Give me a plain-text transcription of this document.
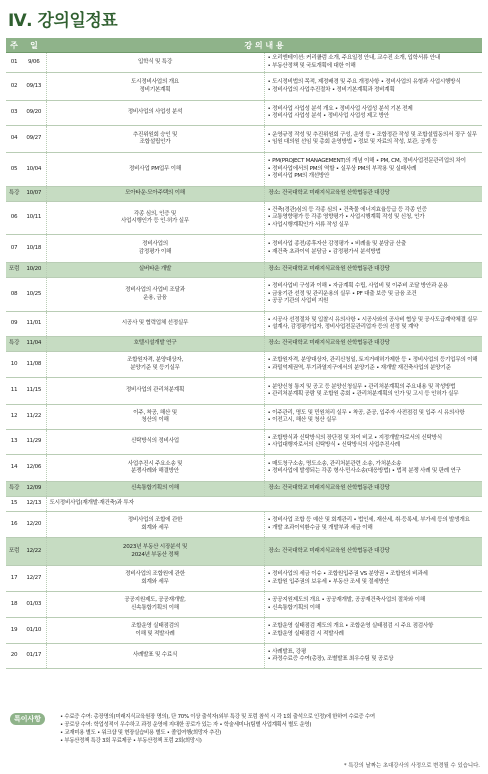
Ⅳ. 강의일정표
주	일	강 의 내 용	
01	9/06	입학식 및 특강	• 오리엔테이션: 커리큘럼 소개, 주요일정 안내, 교수진 소개, 입학서류 안내
• 부동산정책 및 국토개획에 대한 이해
02	09/13	도시정비사업의 개요
정비기본계획	• 도시정비법의 목적, 제정배경 및 주요 개정사항 • 정비사업의 유형과 사업시행방식
• 정비사업의 사업추진절차 • 정비기본계획과 정비계획
03	09/20	정비사업의 사업성 분석	• 정비사업 사업성 분석 개요 • 정비사업 사업성 분석 기본 전제
• 정비사업 사업성 분석 • 정비사업 사업성 제고 방안
04	09/27	추진위원회 승인 및
조합설립인가	• 운영규정 작성 및 추진위원회 구성, 운영 등 • 조합정관 작성 및 조합설립동의서 징구 실무
• 임원 대의원 선임 및 총회 운영방법 • 정보 및 자료의 작성, 보관, 공개 등
05	10/04	정비사업 PM업무 이해	• PM(PROJECT MANAGEMENT)의 개념 이해 • PM, CM, 정비사업전문관리업의 차이
• 정비사업에서의 PM의 역할 • 실무상 PM의 부작용 및 실패사례
• 정비사업 PM의 개선방안
특강	10/07	모아타운·모아주택의 이해	장소: 건국대학교 미래지식교육원 산학협동관 대강당
06	10/11	각종 심의, 인증 및
사업시행인가 등 인·허가 실무	• 건축(경관)심의 등 각종 심의 • 건축물 에너지효율등급 등 각종 인증
• 교통영향평가 등 각종 영향평가 • 사업시행계획 작성 및 신청, 인가
• 사업시행계획인가 서류 작성 실무
07	10/18	정비사업의
감정평가 이해	• 정비사업 종전/종후자산 감정평가 • 비례율 및 분담금 산출
• 재건축 초과이익 분담금 • 감정평가서 분석방법
포럼	10/20	실버타운 개발	장소: 건국대학교 미래지식교육원 산학협동관 대강당
08	10/25	정비사업의 사업비 조달과
운용, 금융	• 정비사업비 구성과 이해 • 자금계획 수립, 사업비 및 이주비 조달 방안과 운용
• 금융기관 선정 및 관리운용의 실무 • PF 대출 보증 및 금융 조건
• 공공 기관의 사업비 지원
09	11/01	시공사 및 협력업체 선정실무	• 시공사 선정절차 및 입찰시 유의사항 • 시공사와의 공사비 협상 및 공사도급계약체결 실무
• 설계사, 감정평가업자, 정비사업전문관리업자 등의 선정 및 계약
특강	11/04	호텔시설개발 연구	장소: 건국대학교 미래지식교육원 산학협동관 대강당
10	11/08	조합원자격, 분양대상자,
분양기준 및 등기실무	• 조합원자격, 분양대상자, 관리신청일, 토지거래허가제한 등 • 정비사업의 등기업무의 이해
• 과밀억제권역, 투기과열지구에서의 분양기준 • 재개발 재건축사업의 분양기준
11	11/15	정비사업의 관리처분계획	• 분양신청 통지 및 공고 등 분양신청실무 • 관리처분계획의 주요내용 및 작성방법
• 관리처분계획 공람 및 조합원 총회 • 관리처분계획의 인가 및 고시 등 인허가 실무
12	11/22	이주, 착공, 해산 및
청산의 이해	• 이주관리, 명도 및 민원처리 실무 • 착공, 준공, 입주자 사전점검 및 입주 시 유의사항
• 이전고시, 해산 및 청산 실무
13	11/29	신탁방식의 정비사업	• 조합방식과 신탁방식의 장단점 및 차이 비교 • 지정개발자로서의 신탁방식
• 사업대행자로서의 신탁방식 • 신탁방식의 사업추진사례
14	12/06	사업추진시 주요소송 및
분쟁사례와 해결방안	• 매도청구소송, 명도소송, 관리처분관련 소송, 가처분소송
• 정비사업에 발생되는 각종 형사·민사소송(대응방법) • 법적 분쟁 사례 및 판례 연구
특강	12/09	신속통합기획의 이해	장소: 건국대학교 미래지식교육원 산학협동관 대강당
15	12/13	도시정비사업(재개발·재건축)과 투자	
16	12/20	정비사업의 조합에 관한
회계와 세무	• 정비사업 조합 등 예산 및 회계관리 • 법인세, 재산세, 취·등록세, 부가세 등의 발생개요
• 개발 초과이익환수금 및 개발부과 세금 이해
포럼	12/22	2023년 부동산 시장분석 및
2024년 부동산 정책	장소: 건국대학교 미래지식교육원 산학협동관 대강당
17	12/27	정비사업의 조합원에 관한
회계와 세무	• 정비사업의 세금 이슈 • 조합원입주권 VS 분양권 • 조합원의 비과세
• 조합원 입주권의 보유세 • 부동산 조세 및 절세방안
18	01/03	공공지원제도, 공공재개발,
신속통합기획의 이해	• 공공지원제도의 개요 • 공공재개발, 공공재건축사업의 절차와 이해
• 신속통합기획의 이해
19	01/10	조합운영 실태점검의
이해 및 적발사례	• 조합운영 실태점검 제도의 개요 • 조합운영 실태점검 시 주요 점검사항
• 조합운영 실태점검 시 적발사례
20	01/17	사례발표 및 수료식	• 사례발표, 강평
• 과정수료증 수여(총장), 조별발표 최우수팀 및 공로상
특이사항	• 수료증 수여: 총장명의(미래지식교육원장 명의), 단 70% 이상 출석자(외부 특강 및 포럼 참석 시 각 1회 출석으로 인정)에 한하여 수료증 수여
• 공로상 수여: 학업성적이 우수하고 과정 운영에 지대한 공로가 있는 자 • 학술세미나(팀별 사업계획서 별도 운영)
• 교재미용 별도 • 워크샵 및 현장실습비용 별도 • 졸업여행(희망자 추진)
• 부동산정책 특강 3회 무료제공 • 부동산정책 포럼 2회(희망시)
* 특강의 날짜는 초대강사의 사정으로 변경될 수 있습니다.
